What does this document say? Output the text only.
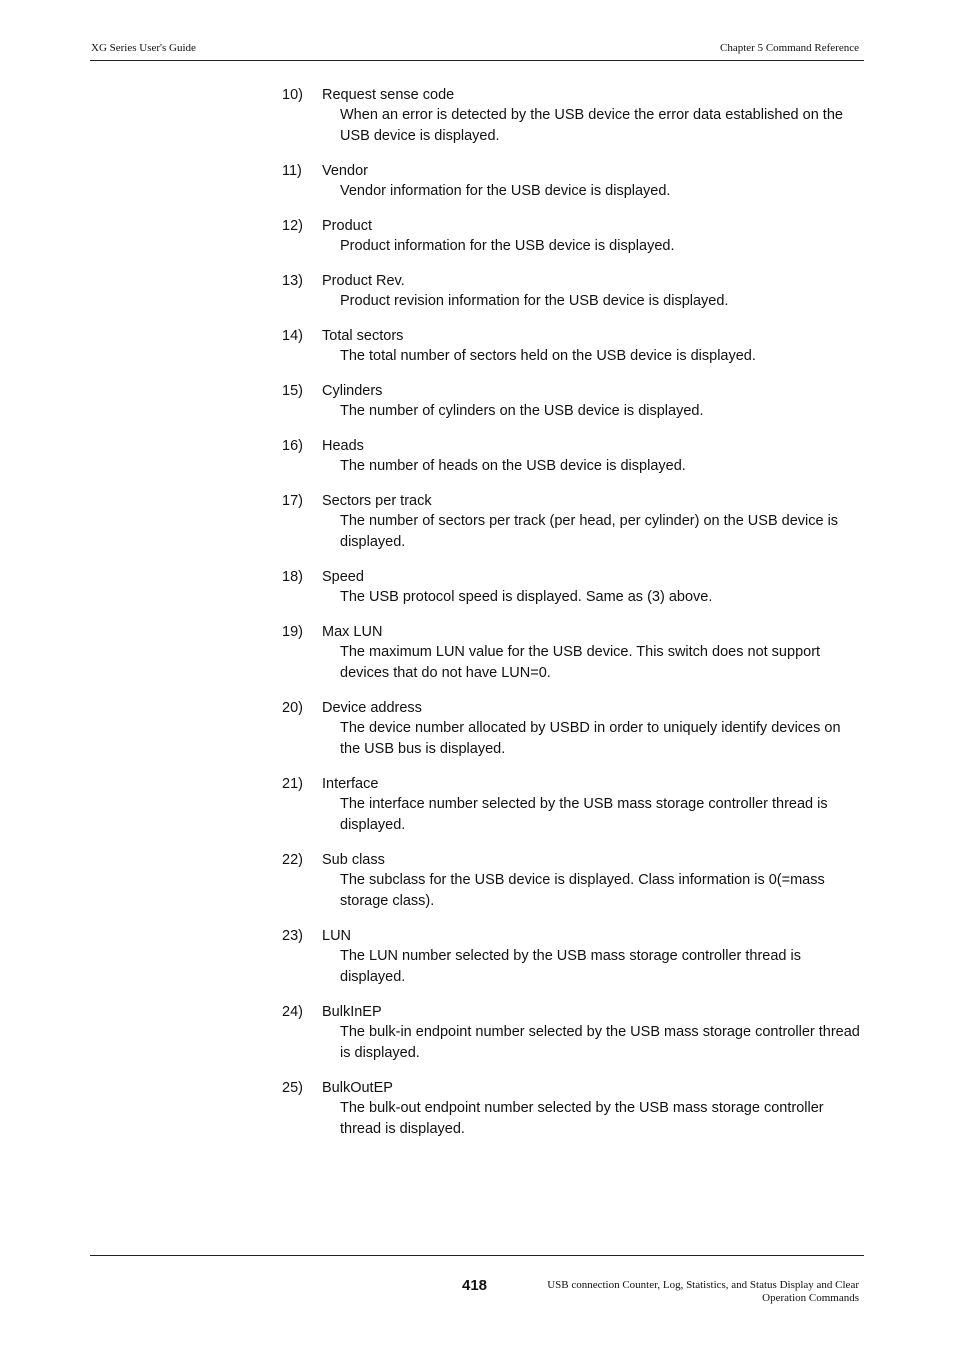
XG Series User's Guide	Chapter 5 Command Reference
10)	Request sense code
When an error is detected by the USB device the error data established on the USB device is displayed.
11)	Vendor
Vendor information for the USB device is displayed.
12)	Product
Product information for the USB device is displayed.
13)	Product Rev.
Product revision information for the USB device is displayed.
14)	Total sectors
The total number of sectors held on the USB device is displayed.
15)	Cylinders
The number of cylinders on the USB device is displayed.
16)	Heads
The number of heads on the USB device is displayed.
17)	Sectors per track
The number of sectors per track (per head, per cylinder) on the USB device is displayed.
18)	Speed
The USB protocol speed is displayed. Same as (3) above.
19)	Max LUN
The maximum LUN value for the USB device. This switch does not support devices that do not have LUN=0.
20)	Device address
The device number allocated by USBD in order to uniquely identify devices on the USB bus is displayed.
21)	Interface
The interface number selected by the USB mass storage controller thread is displayed.
22)	Sub class
The subclass for the USB device is displayed. Class information is 0(=mass storage class).
23)	LUN
The LUN number selected by the USB mass storage controller thread is displayed.
24)	BulkInEP
The bulk-in endpoint number selected by the USB mass storage controller thread is displayed.
25)	BulkOutEP
The bulk-out endpoint number selected by the USB mass storage controller thread is displayed.
418	USB connection Counter, Log, Statistics, and Status Display and Clear
Operation Commands
